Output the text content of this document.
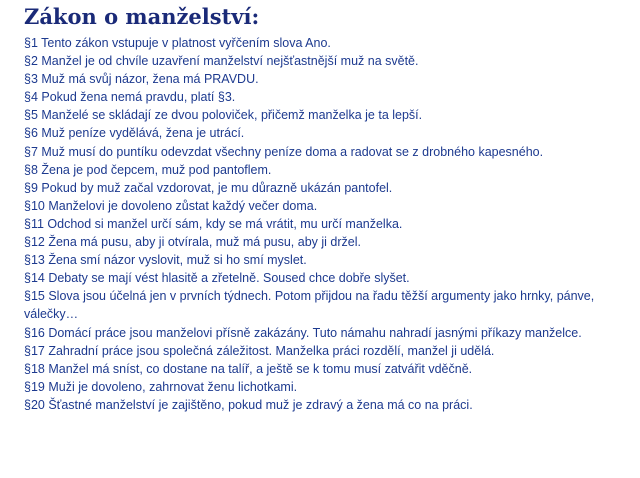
Zákon o manželství:
§1 Tento zákon vstupuje v platnost vyřčením slova Ano.
§2 Manžel je od chvíle uzavření manželství nejšťastnější muž na světě.
§3 Muž má svůj názor, žena má PRAVDU.
§4 Pokud žena nemá pravdu, platí §3.
§5 Manželé se skládají ze dvou poloviček, přičemž manželka je ta lepší.
§6 Muž peníze vydělává, žena je utrácí.
§7 Muž musí do puntíku odevzdat všechny peníze doma a radovat se z drobného kapesného.
§8 Žena je pod čepcem, muž pod pantoflem.
§9 Pokud by muž začal vzdorovat, je mu důrazně ukázán pantofel.
§10 Manželovi je dovoleno zůstat každý večer doma.
§11 Odchod si manžel určí sám, kdy se má vrátit, mu určí manželka.
§12 Žena má pusu, aby ji otvírala, muž má pusu, aby ji držel.
§13 Žena smí názor vyslovit, muž si ho smí myslet.
§14 Debaty se mají vést hlasitě a zřetelně. Soused chce dobře slyšet.
§15 Slova jsou účelná jen v prvních týdnech. Potom přijdou na řadu těžší argumenty jako hrnky, pánve, válečky…
§16 Domácí práce jsou manželovi přísně zakázány. Tuto námahu nahradí jasnými příkazy manželce.
§17 Zahradní práce jsou společná záležitost. Manželka práci rozdělí, manžel ji udělá.
§18 Manžel má sníst, co dostane na talíř, a ještě se k tomu musí zatvářit vděčně.
§19 Muži je dovoleno, zahrnovat ženu lichotkami.
§20 Šťastné manželství je zajištěno, pokud muž je zdravý a žena má co na práci.
